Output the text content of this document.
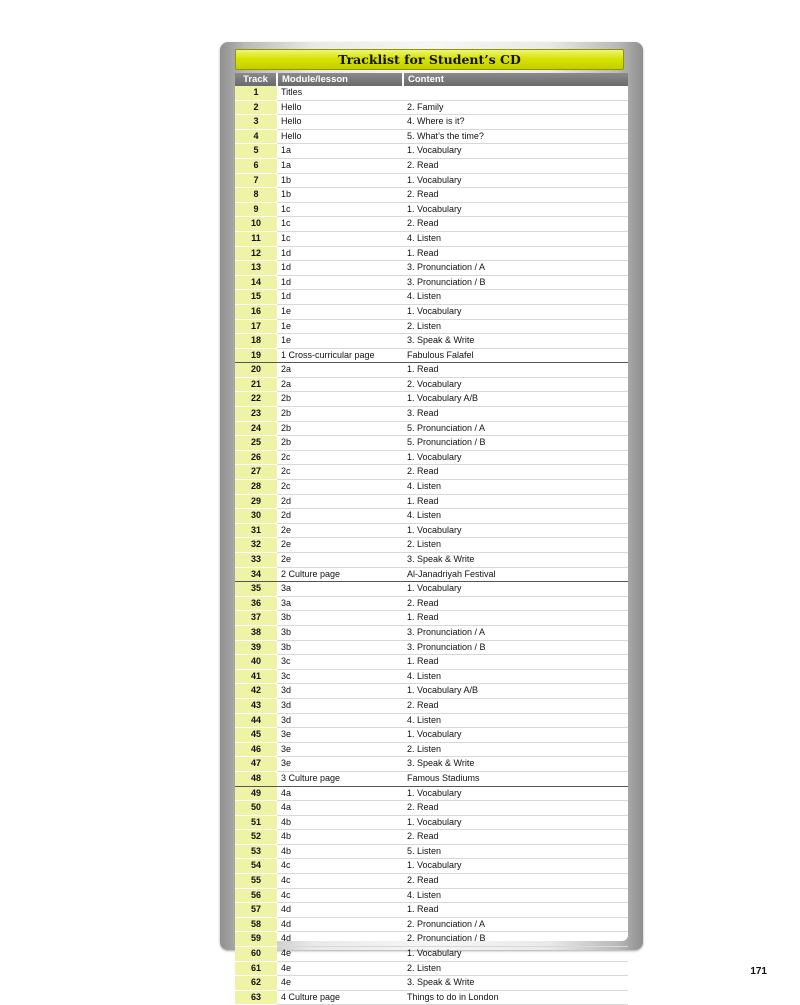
Tracklist for Student’s CD
Track	Module/lesson	Content
1	Titles	
2	Hello	2. Family
3	Hello	4. Where is it?
4	Hello	5. What’s the time?
5	1a	1. Vocabulary
6	1a	2. Read
7	1b	1. Vocabulary
8	1b	2. Read
9	1c	1. Vocabulary
10	1c	2. Read
11	1c	4. Listen
12	1d	1. Read
13	1d	3. Pronunciation / A
14	1d	3. Pronunciation / B
15	1d	4. Listen
16	1e	1. Vocabulary
17	1e	2. Listen
18	1e	3. Speak & Write
19	1 Cross-curricular page	Fabulous Falafel
20	2a	1. Read
21	2a	2. Vocabulary
22	2b	1. Vocabulary A/B
23	2b	3. Read
24	2b	5. Pronunciation / A
25	2b	5. Pronunciation / B
26	2c	1. Vocabulary
27	2c	2. Read
28	2c	4. Listen
29	2d	1. Read
30	2d	4. Listen
31	2e	1. Vocabulary
32	2e	2. Listen
33	2e	3. Speak & Write
34	2 Culture page	Al-Janadriyah Festival
35	3a	1. Vocabulary
36	3a	2. Read
37	3b	1. Read
38	3b	3. Pronunciation / A
39	3b	3. Pronunciation / B
40	3c	1. Read
41	3c	4. Listen
42	3d	1. Vocabulary A/B
43	3d	2. Read
44	3d	4. Listen
45	3e	1. Vocabulary
46	3e	2. Listen
47	3e	3. Speak & Write
48	3 Culture page	Famous Stadiums
49	4a	1. Vocabulary
50	4a	2. Read
51	4b	1. Vocabulary
52	4b	2. Read
53	4b	5. Listen
54	4c	1. Vocabulary
55	4c	2. Read
56	4c	4. Listen
57	4d	1. Read
58	4d	2. Pronunciation / A
59	4d	2. Pronunciation / B
60	4e	1. Vocabulary
61	4e	2. Listen
62	4e	3. Speak & Write
63	4 Culture page	Things to do in London
171
